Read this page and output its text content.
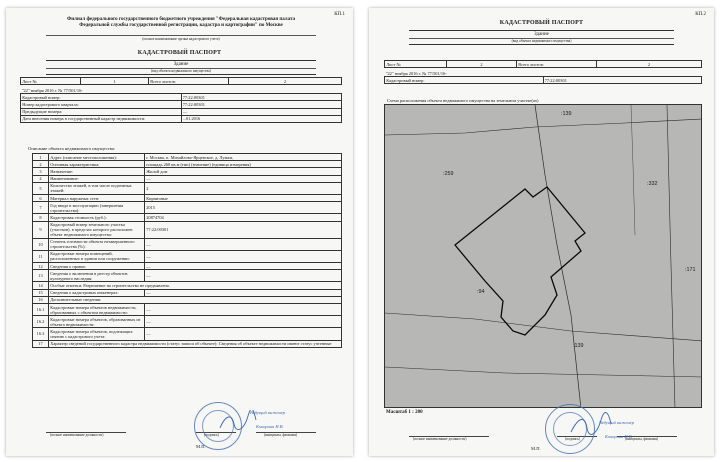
КП.1
Филиал федерального государственного бюджетного учреждения "Федеральная кадастровая палата
Федеральной службы государственной регистрации, кадастра и картографии" по Москве
(полное наименование органа кадастрового учета)
КАДАСТРОВЫЙ ПАСПОРТ
Здание
(вид объекта недвижимого имущества)
Лист №	1	Всего листов:	2
"22" ноября 2016 г. № 77/501/16-	
Кадастровый номер:	77:22:00301
Номер кадастрового квартала:	77:22:00301
Предыдущие номера:	—
Дата внесения номера в государственный кадастр недвижимости:	...01.2016
Описание объекта недвижимого имущества:
1	Адрес (описание местоположения):	г. Москва, п. Михайлово-Ярцевское, д. Лужки,
2	Основная характеристика:	площадь 260 кв.м (тип) (значение) (единица измерения)
3	Назначение:	Жилой дом
4	Наименование:	—
5	Количество этажей, в том числе подземных этажей:	2
6	Материал наружных стен:	Кирпичные
7	Год ввода в эксплуатацию (завершения строительства):	2015
8	Кадастровая стоимость (руб.):	20874704
9	Кадастровый номер земельного участка (участков), в пределах которого расположен объект недвижимого имущества:	77:22:00301
10	Степень готовности объекта незавершенного строительства (%):	—
11	Кадастровые номера помещений, расположенных в здании или сооружении:	—
12	Сведения о правах:	—
13	Сведения о включении в реестр объектов культурного наследия:	—
14	Особые отметки: Разрешение на строительство не предъявлено.	
15	Сведения о кадастровых инженерах:	—
16	Дополнительные сведения:	
16.1	Кадастровые номера объектов недвижимости, образованных с объектом недвижимости:	—
16.2	Кадастровые номера объектов, образованных из объекта недвижимости:	—
16.3	Кадастровые номера объектов, подлежащих снятию с кадастрового учета:	—
17	Характер сведений государственного кадастра недвижимости (статус записи об объекте): Сведения об объекте недвижимости имеют статус учтенные	
(полное наименование должности)	(подпись)	(инициалы, фамилия)
М.П.
Ведущий инженер
Кокорина Н.В.
КП.2
КАДАСТРОВЫЙ ПАСПОРТ
Здание
(вид объекта недвижимого имущества)
Лист №	2	Всего листов:	2
"22" ноября 2016 г. № 77/501/16-
Кадастровый номер:	77:22:00301
Схема расположения объекта недвижимого имущества на земельном участке(ах)
:139
:259
:332
:94
:171
:139
Масштаб 1 : 200
(полное наименование должности)	(подпись)	(инициалы, фамилия)
М.П.
Ведущий инженер
Кокорина Н.В.
